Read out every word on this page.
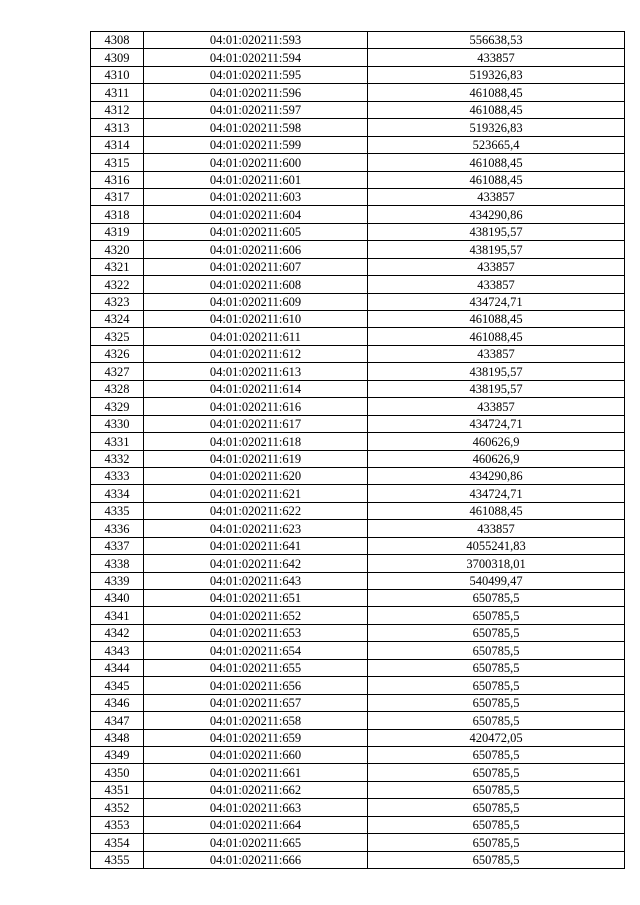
4308	04:01:020211:593	556638,53
4309	04:01:020211:594	433857
4310	04:01:020211:595	519326,83
4311	04:01:020211:596	461088,45
4312	04:01:020211:597	461088,45
4313	04:01:020211:598	519326,83
4314	04:01:020211:599	523665,4
4315	04:01:020211:600	461088,45
4316	04:01:020211:601	461088,45
4317	04:01:020211:603	433857
4318	04:01:020211:604	434290,86
4319	04:01:020211:605	438195,57
4320	04:01:020211:606	438195,57
4321	04:01:020211:607	433857
4322	04:01:020211:608	433857
4323	04:01:020211:609	434724,71
4324	04:01:020211:610	461088,45
4325	04:01:020211:611	461088,45
4326	04:01:020211:612	433857
4327	04:01:020211:613	438195,57
4328	04:01:020211:614	438195,57
4329	04:01:020211:616	433857
4330	04:01:020211:617	434724,71
4331	04:01:020211:618	460626,9
4332	04:01:020211:619	460626,9
4333	04:01:020211:620	434290,86
4334	04:01:020211:621	434724,71
4335	04:01:020211:622	461088,45
4336	04:01:020211:623	433857
4337	04:01:020211:641	4055241,83
4338	04:01:020211:642	3700318,01
4339	04:01:020211:643	540499,47
4340	04:01:020211:651	650785,5
4341	04:01:020211:652	650785,5
4342	04:01:020211:653	650785,5
4343	04:01:020211:654	650785,5
4344	04:01:020211:655	650785,5
4345	04:01:020211:656	650785,5
4346	04:01:020211:657	650785,5
4347	04:01:020211:658	650785,5
4348	04:01:020211:659	420472,05
4349	04:01:020211:660	650785,5
4350	04:01:020211:661	650785,5
4351	04:01:020211:662	650785,5
4352	04:01:020211:663	650785,5
4353	04:01:020211:664	650785,5
4354	04:01:020211:665	650785,5
4355	04:01:020211:666	650785,5
